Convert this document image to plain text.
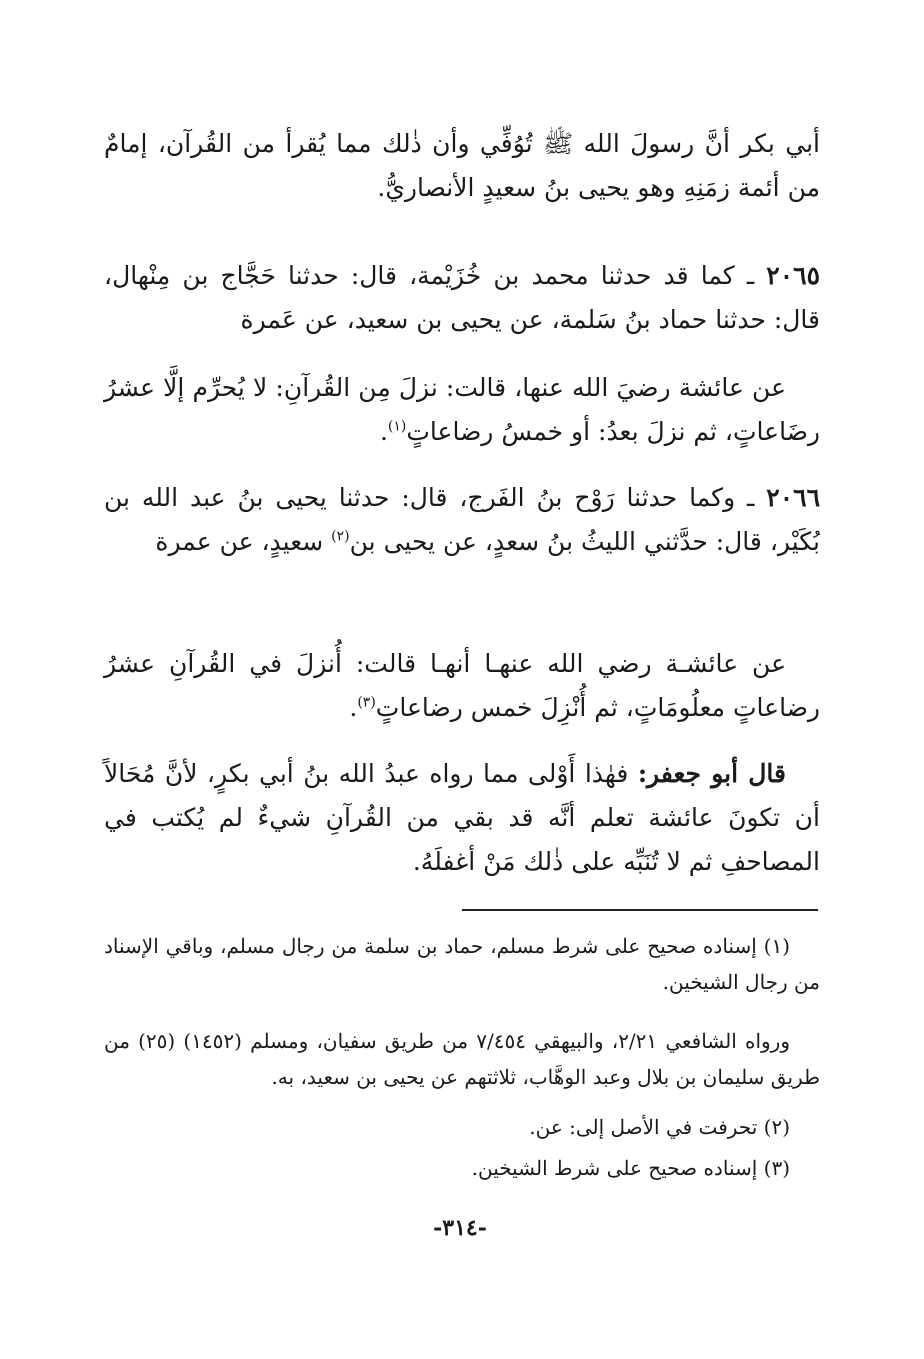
أبي بكر أنَّ رسولَ الله ﷺ تُوُفِّي وأن ذٰلك مما يُقرأ من القُرآن، إمامٌ من أئمة زمَنِهِ وهو يحيى بنُ سعيدٍ الأنصاريُّ.

٢٠٦٥ ـ كما قد حدثنا محمد بن خُزَيْمة، قال: حدثنا حَجَّاج بن مِنْهال، قال: حدثنا حماد بنُ سَلمة، عن يحيى بن سعيد، عن عَمرة

عن عائشة رضيَ الله عنها، قالت: نزلَ مِن القُرآنِ: لا يُحرِّم إلَّا عشرُ رضَاعاتٍ، ثم نزلَ بعدُ: أو خمسُ رضاعاتٍ$^{(١)}$.

٢٠٦٦ ـ وكما حدثنا رَوْح بنُ الفَرج، قال: حدثنا يحيى بنُ عبد الله بن بُكَيْر، قال: حدَّثني الليثُ بنُ سعدٍ، عن يحيى بن$^{(٢)}$ سعيدٍ، عن عمرة

عن عائشـة رضي الله عنهـا أنهـا قالت: أُنزلَ في القُرآنِ عشرُ رضاعاتٍ معلُومَاتٍ، ثم أُنْزِلَ خمس رضاعاتٍ$^{(٣)}$.

قال أبو جعفر: فهٰذا أَوْلى مما رواه عبدُ الله بنُ أبي بكرٍ، لأنَّ مُحَالاً أن تكونَ عائشة تعلم أنَّه قد بقي من القُرآنِ شيءٌ لم يُكتب في المصاحفِ ثم لا تُنَبِّه على ذٰلك مَنْ أغفلَهُ.

(١) إسناده صحيح على شرط مسلم، حماد بن سلمة من رجال مسلم، وباقي الإسناد من رجال الشيخين.

ورواه الشافعي ٢/٢١، والبيهقي ٧/٤٥٤ من طريق سفيان، ومسلم (١٤٥٢) (٢٥) من طريق سليمان بن بلال وعبد الوهَّاب، ثلاثتهم عن يحيى بن سعيد، به.

(٢) تحرفت في الأصل إلى: عن.

(٣) إسناده صحيح على شرط الشيخين.

-٣١٤-
